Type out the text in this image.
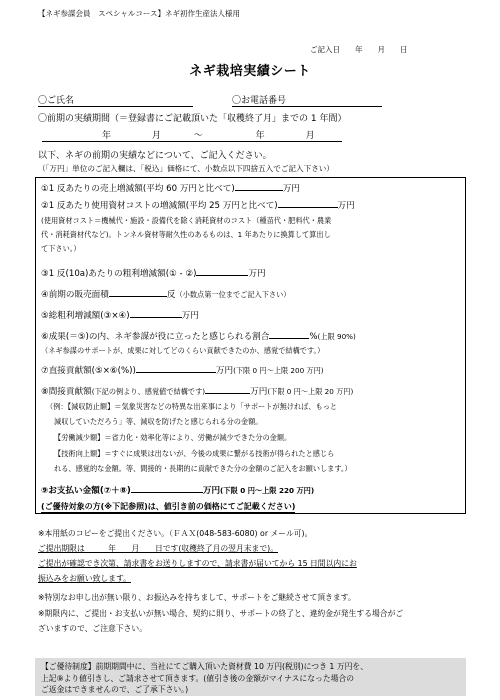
【ネギ参謀会員　スペシャルコース】ネギ初作生産法人様用
ご記入日　　年　　月　　日
ネギ栽培実績シート
〇ご氏名	〇お電話番号
〇前期の実績期間（＝登録書にご記載頂いた「収穫終了月」までの 1 年間）
年	月	～	年	月
以下、ネギの前期の実績などについて、ご記入ください。
（「万円」単位のご記入欄は、「税込」価格にて、小数点以下四捨五入でご記入下さい）
①1 反あたりの売上増減額(平均 60 万円と比べて)	万円
②1 反あたり使用資材コストの増減額(平均 25 万円と比べて)	万円
(使用資材コスト＝機械代・施設・設備代を除く消耗資材のコスト（種苗代・肥料代・農業
代・消耗資材代など)。トンネル資材等耐久性のあるものは、1 年あたりに換算して算出し
て下さい。）
③1 反(10a)あたりの粗利増減額(① - ②)	万円
④前期の販売面積	反（小数点第一位までご記入下さい）
⑤総粗利増減額(③×④)	万円
⑥成果(＝⑤)の内、ネギ参謀が役に立ったと感じられる割合	%(上限 90%)
（ネギ参謀のサポートが、成果に対してどのくらい貢献できたのか、感覚で結構です。）
⑦直接貢献額(⑤×⑥(%))	万円(下限 0 円～上限 200 万円)
⑧間接貢献額(下記の例より、感覚値で結構です)	万円(下限 0 円～上限 20 万円)
（例：【減収防止額】＝気象災害などの特異な出来事により「サポートが無ければ、もっと
減収していただろう」等、減収を防げたと感じられる分の金額。
【労働減少額】＝省力化・効率化等により、労働が減少できた分の金額。
【技術向上額】＝すぐに成果は出ないが、今後の成果に繋がる技術が得られたと感じら
れる、感覚的な金額。等、間接的・長期的に貢献できた分の金額のご記入をお願いします。）
⑨お支払い金額(⑦＋⑧)	万円(下限 0 円～上限 220 万円)
(ご優待対象の方(※下記参照)は、値引き前の価格にてご記載ください)
※本用紙のコピーをご提出ください。（ＦＡＸ(048-583-6080) or メール可)。
ご提出期限は　　　年　　月　　日です(収穫終了月の翌月末まで)。
ご提出が確認でき次第、請求書をお送りしますので、請求書が届いてから 15 日間以内にお
振込みをお願い致します。
※特別なお申し出が無い限り、お振込みを持ちまして、サポートをご継続させて頂きます。
※期限内に、ご提出・お支払いが無い場合、契約に則り、サポートの終了と、違約金が発生する場合がご
ざいますので、ご注意下さい。
【ご優待制度】前期期間中に、当社にてご購入頂いた資材費 10 万円(税別)につき 1 万円を、
上記⑨より値引きし、ご請求させて頂きます。(値引き後の金額がマイナスになった場合の
ご返金はできませんので、ご了承下さい。)
